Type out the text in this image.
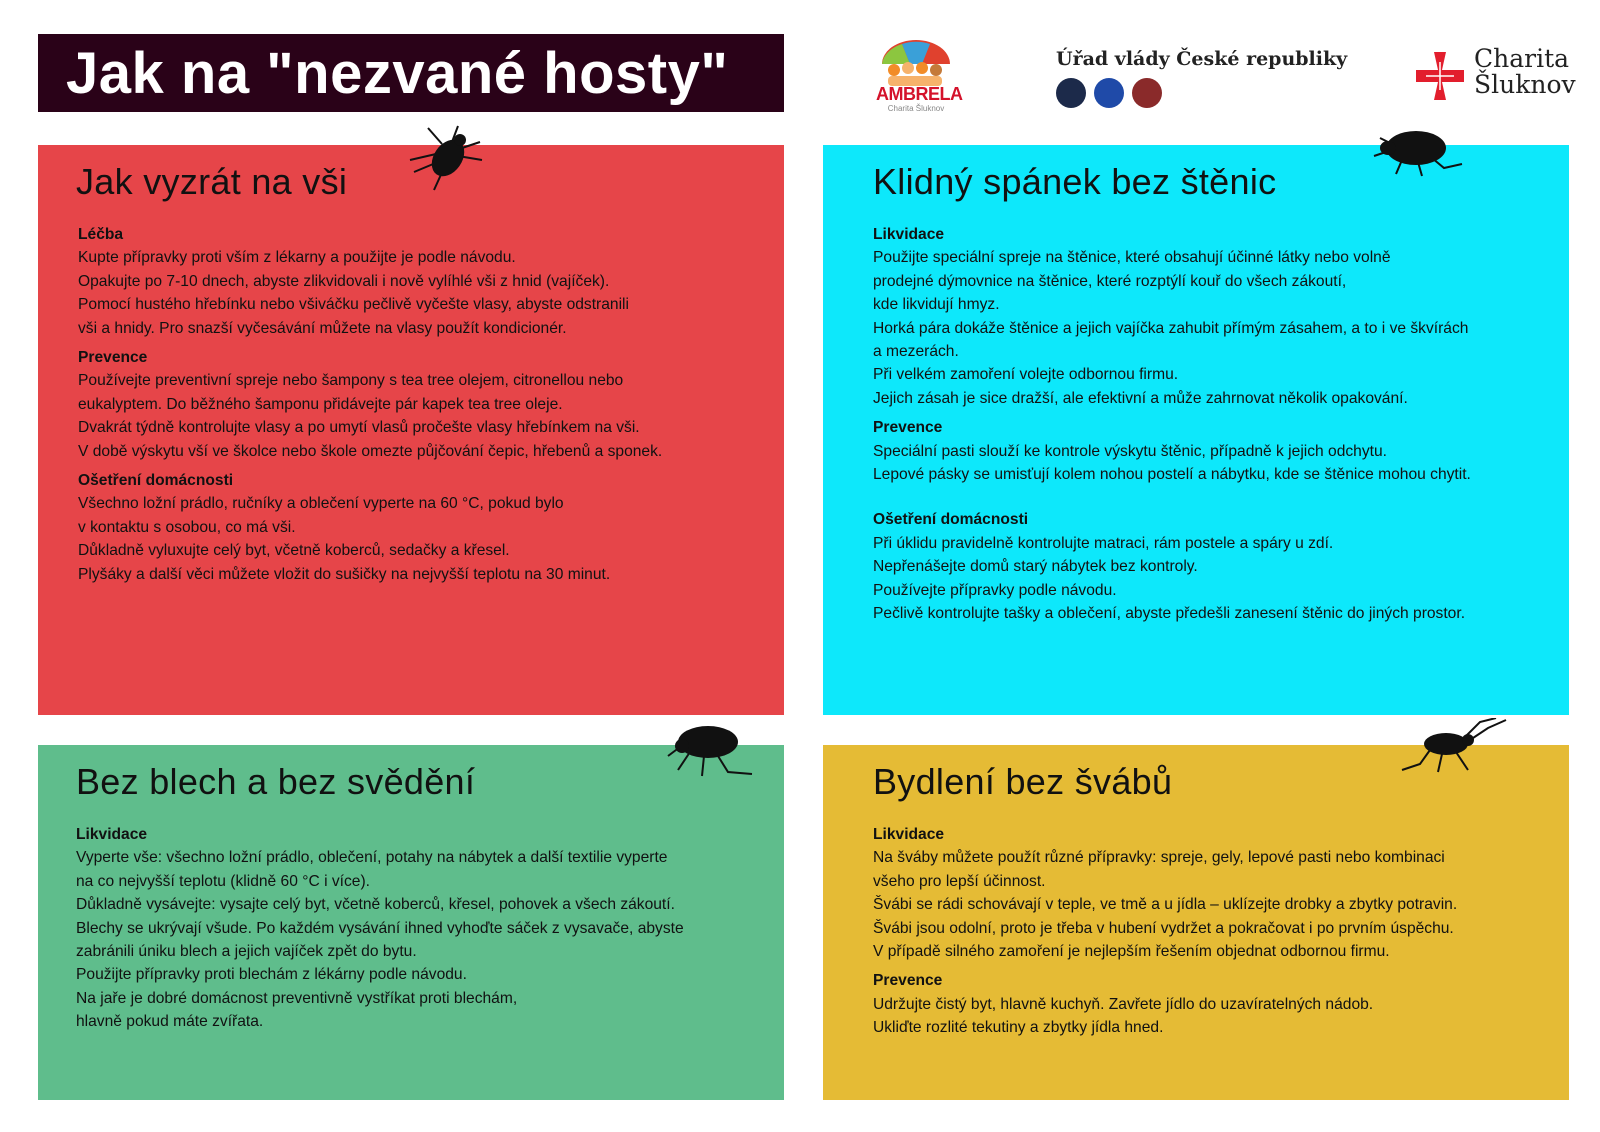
Jak na "nezvané hosty"	AMBRELA
Charita Šluknov
Úřad vlády České republiky	Charita
Šluknov
Jak vyzrát na vši
Léčba
Kupte přípravky proti vším z lékarny a použijte je podle návodu.
Opakujte po 7-10 dnech, abyste zlikvidovali i nově vylíhlé vši z hnid (vajíček).
Pomocí hustého hřebínku nebo všiváčku pečlivě vyčešte vlasy, abyste odstranili
vši a hnidy. Pro snazší vyčesávání můžete na vlasy použít kondicionér.
Prevence
Používejte preventivní spreje nebo šampony s tea tree olejem, citronellou nebo
eukalyptem. Do běžného šamponu přidávejte pár kapek tea tree oleje.
Dvakrát týdně kontrolujte vlasy a po umytí vlasů pročešte vlasy hřebínkem na vši.
V době výskytu vší ve školce nebo škole omezte půjčování čepic, hřebenů a sponek.
Ošetření domácnosti
Všechno ložní prádlo, ručníky a oblečení vyperte na 60 °C, pokud bylo
v kontaktu s osobou, co má vši.
Důkladně vyluxujte celý byt, včetně koberců, sedačky a křesel.
Plyšáky a další věci můžete vložit do sušičky na nejvyšší teplotu na 30 minut.
Klidný spánek bez štěnic
Likvidace
Použijte speciální spreje na štěnice, které obsahují účinné látky nebo volně
prodejné dýmovnice na štěnice, které rozptýlí kouř do všech zákoutí,
kde likvidují hmyz.
Horká pára dokáže štěnice a jejich vajíčka zahubit přímým zásahem, a to i ve škvírách
a mezerách.
Při velkém zamoření volejte odbornou firmu.
Jejich zásah je sice dražší, ale efektivní a může zahrnovat několik opakování.
Prevence
Speciální pasti slouží ke kontrole výskytu štěnic, případně k jejich odchytu.
Lepové pásky se umisťují kolem nohou postelí a nábytku, kde se štěnice mohou chytit.
Ošetření domácnosti
Při úklidu pravidelně kontrolujte matraci, rám postele a spáry u zdí.
Nepřenášejte domů starý nábytek bez kontroly.
Používejte přípravky podle návodu.
Pečlivě kontrolujte tašky a oblečení, abyste předešli zanesení štěnic do jiných prostor.
Bez blech a bez svědění
Likvidace
Vyperte vše: všechno ložní prádlo, oblečení, potahy na nábytek a další textilie vyperte
na co nejvyšší teplotu (klidně 60 °C i více).
Důkladně vysávejte: vysajte celý byt, včetně koberců, křesel, pohovek a všech zákoutí.
Blechy se ukrývají všude. Po každém vysávání ihned vyhoďte sáček z vysavače, abyste
zabránili úniku blech a jejich vajíček zpět do bytu.
Použijte přípravky proti blechám z lékárny podle návodu.
Na jaře je dobré domácnost preventivně vystříkat proti blechám,
hlavně pokud máte zvířata.
Bydlení bez švábů
Likvidace
Na šváby můžete použít různé přípravky: spreje, gely, lepové pasti nebo kombinaci
všeho pro lepší účinnost.
Švábi se rádi schovávají v teple, ve tmě a u jídla – uklízejte drobky a zbytky potravin.
Švábi jsou odolní, proto je třeba v hubení vydržet a pokračovat i po prvním úspěchu.
V případě silného zamoření je nejlepším řešením objednat odbornou firmu.
Prevence
Udržujte čistý byt, hlavně kuchyň. Zavřete jídlo do uzavíratelných nádob.
Ukliďte rozlité tekutiny a zbytky jídla hned.
